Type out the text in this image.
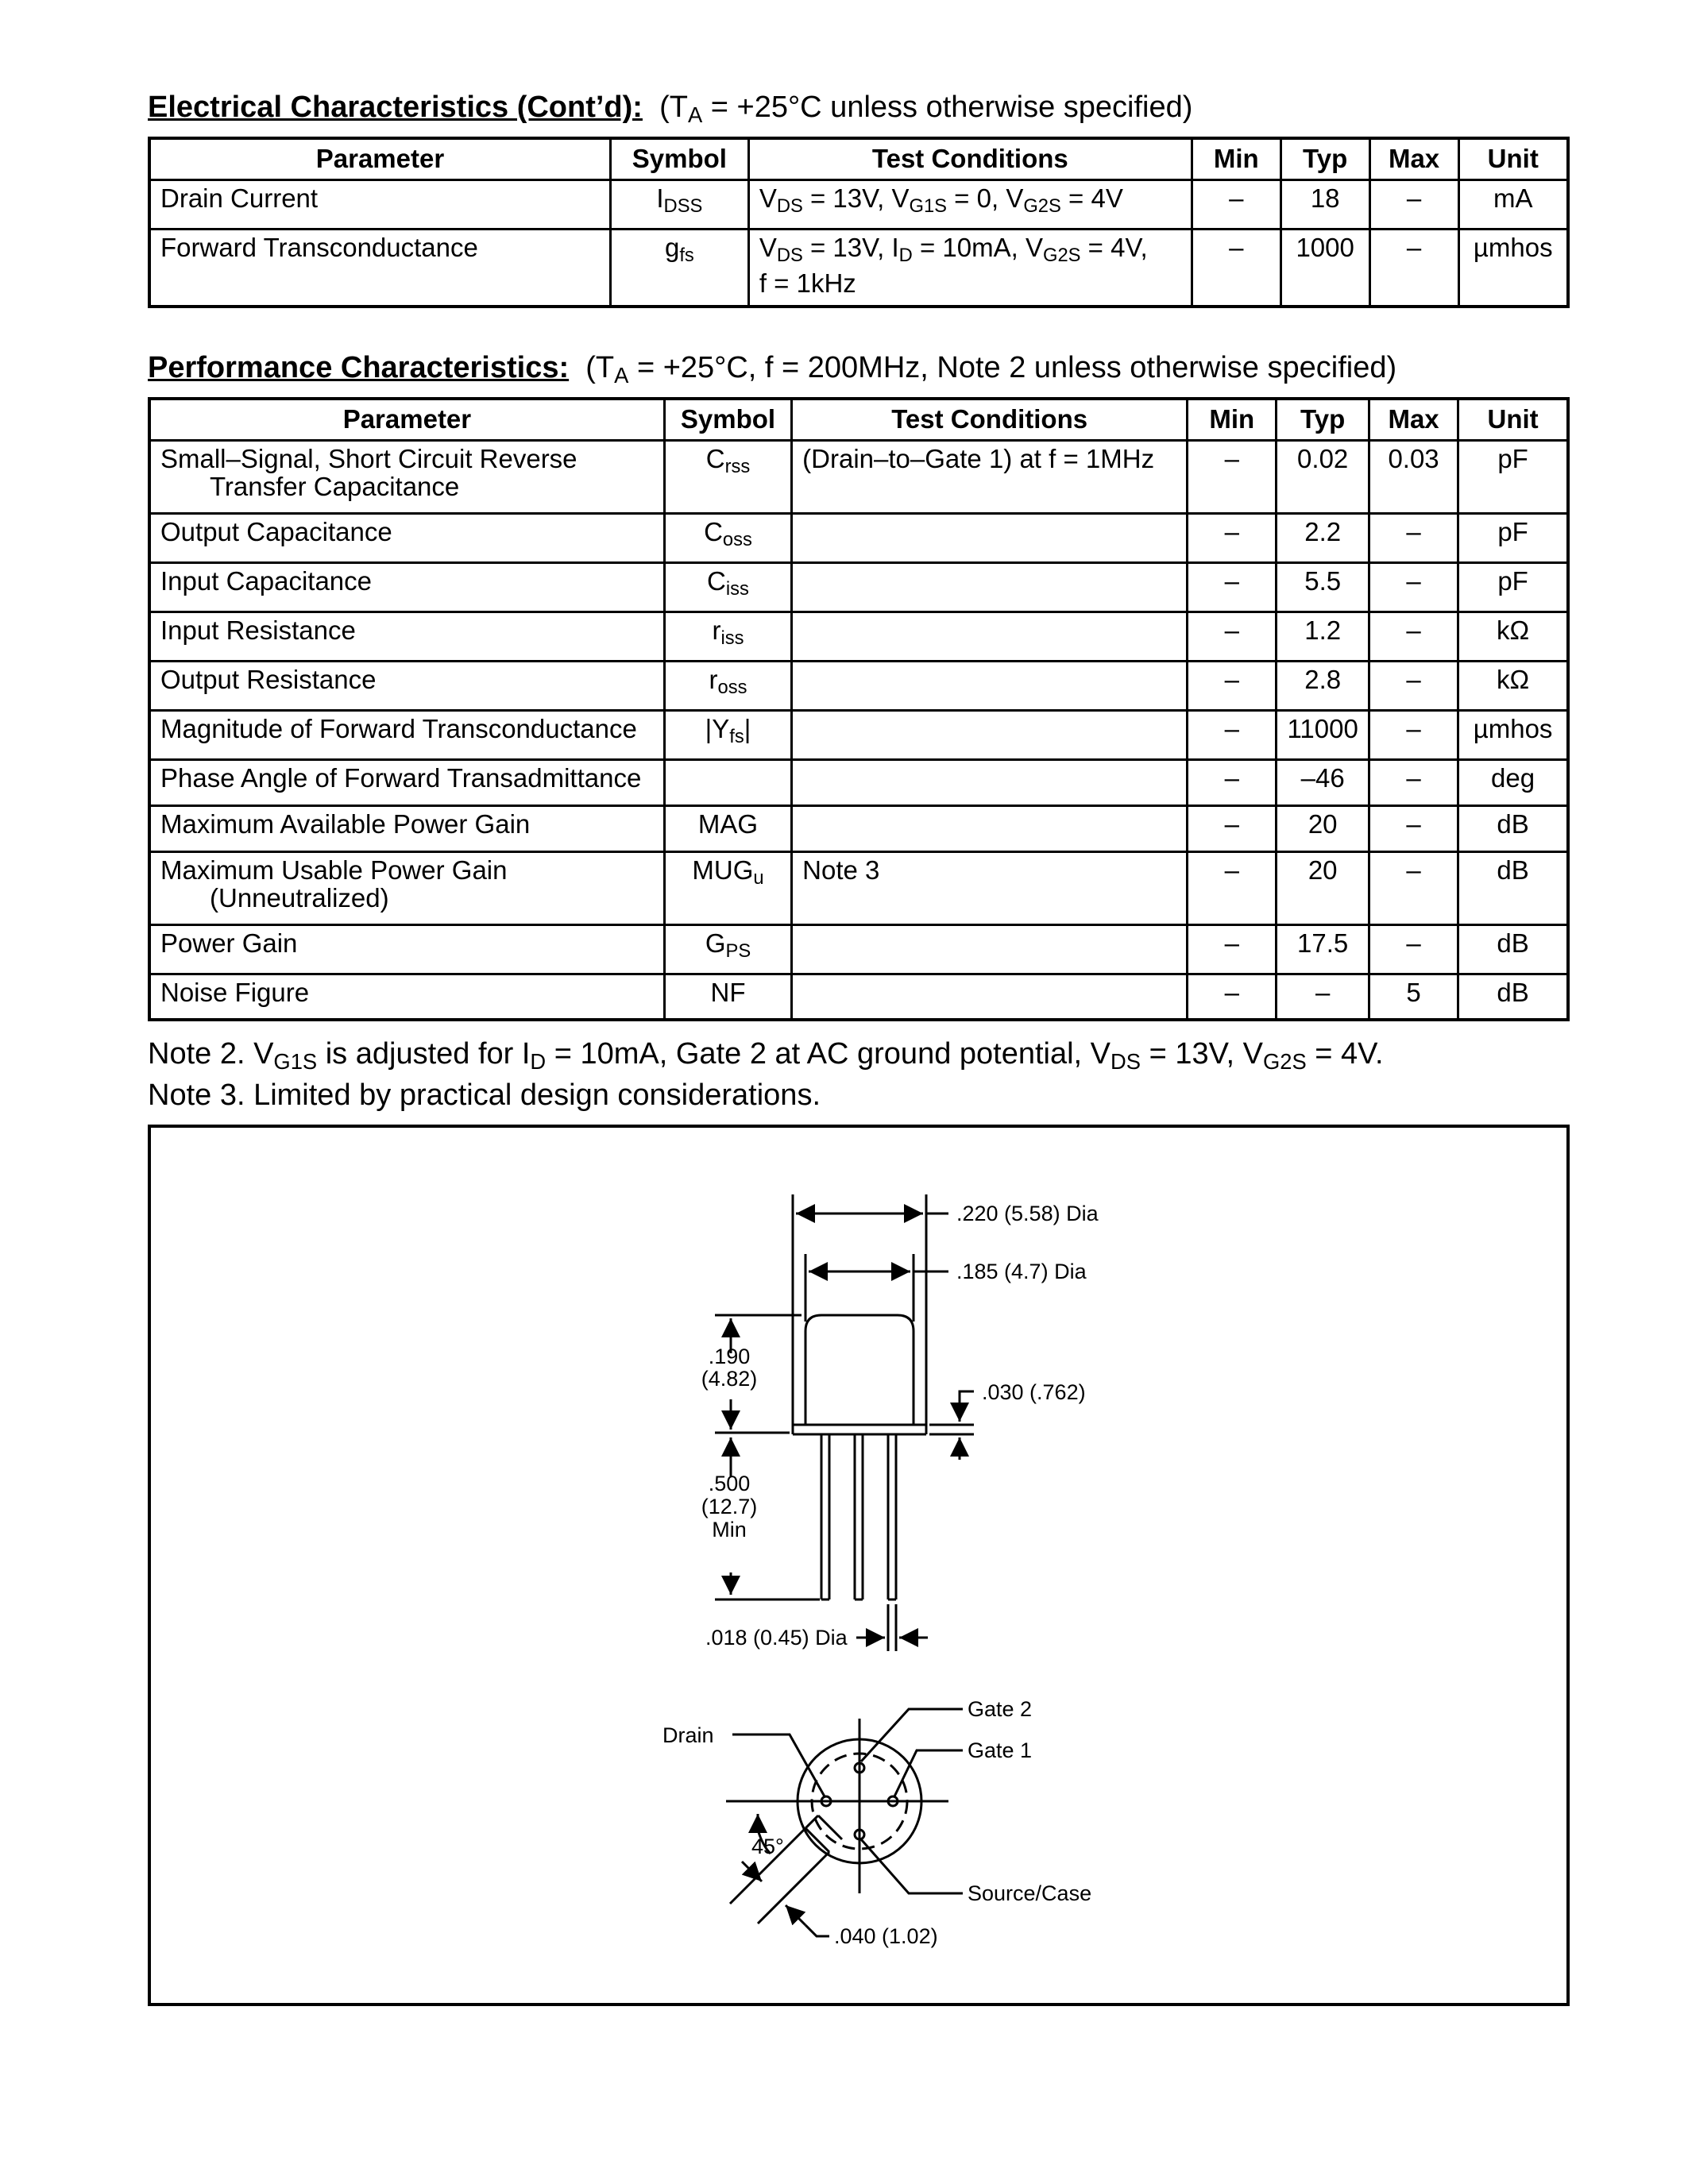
Electrical Characteristics (Cont’d): ($T_A = +25^\circ C$ unless otherwise specified)
Parameter	Symbol	Test Conditions	Min	Typ	Max	Unit
Drain Current	$I_{DSS}$	$V_{DS} = 13V$, $V_{G1S} = 0$, $V_{G2S} = 4V$	–	18	–	mA
Forward Transconductance	$g_{fs}$	$V_{DS} = 13V$, $I_D = 10mA$, $V_{G2S} = 4V$,
f = 1kHz	–	1000	–	µmhos
Performance Characteristics: ($T_A = +25^\circ C$, f = 200MHz, Note 2 unless otherwise specified)
Parameter	Symbol	Test Conditions	Min	Typ	Max	Unit
Small–Signal, Short Circuit Reverse
Transfer Capacitance	$C_{rss}$	(Drain–to–Gate 1) at f = 1MHz	–	0.02	0.03	pF
Output Capacitance	$C_{oss}$		–	2.2	–	pF
Input Capacitance	$C_{iss}$		–	5.5	–	pF
Input Resistance	$r_{iss}$		–	1.2	–	kΩ
Output Resistance	$r_{oss}$		–	2.8	–	kΩ
Magnitude of Forward Transconductance	$|Y_{fs}|$		–	11000	–	µmhos
Phase Angle of Forward Transadmittance			–	–46	–	deg
Maximum Available Power Gain	MAG		–	20	–	dB
Maximum Usable Power Gain
(Unneutralized)	$MUG_u$	Note 3	–	20	–	dB
Power Gain	$G_{PS}$		–	17.5	–	dB
Noise Figure	NF		–	–	5	dB
Note 2. $V_{G1S}$ is adjusted for $I_D = 10mA$, Gate 2 at AC ground potential, $V_{DS} = 13V$, $V_{G2S} = 4V$.
Note 3. Limited by practical design considerations.
.220 (5.58) Dia
.185 (4.7) Dia
.190
(4.82)
.030 (.762)
.500
(12.7)
Min
.018 (0.45) Dia
Gate 2
Gate 1
Drain
45°
Source/Case
.040 (1.02)
